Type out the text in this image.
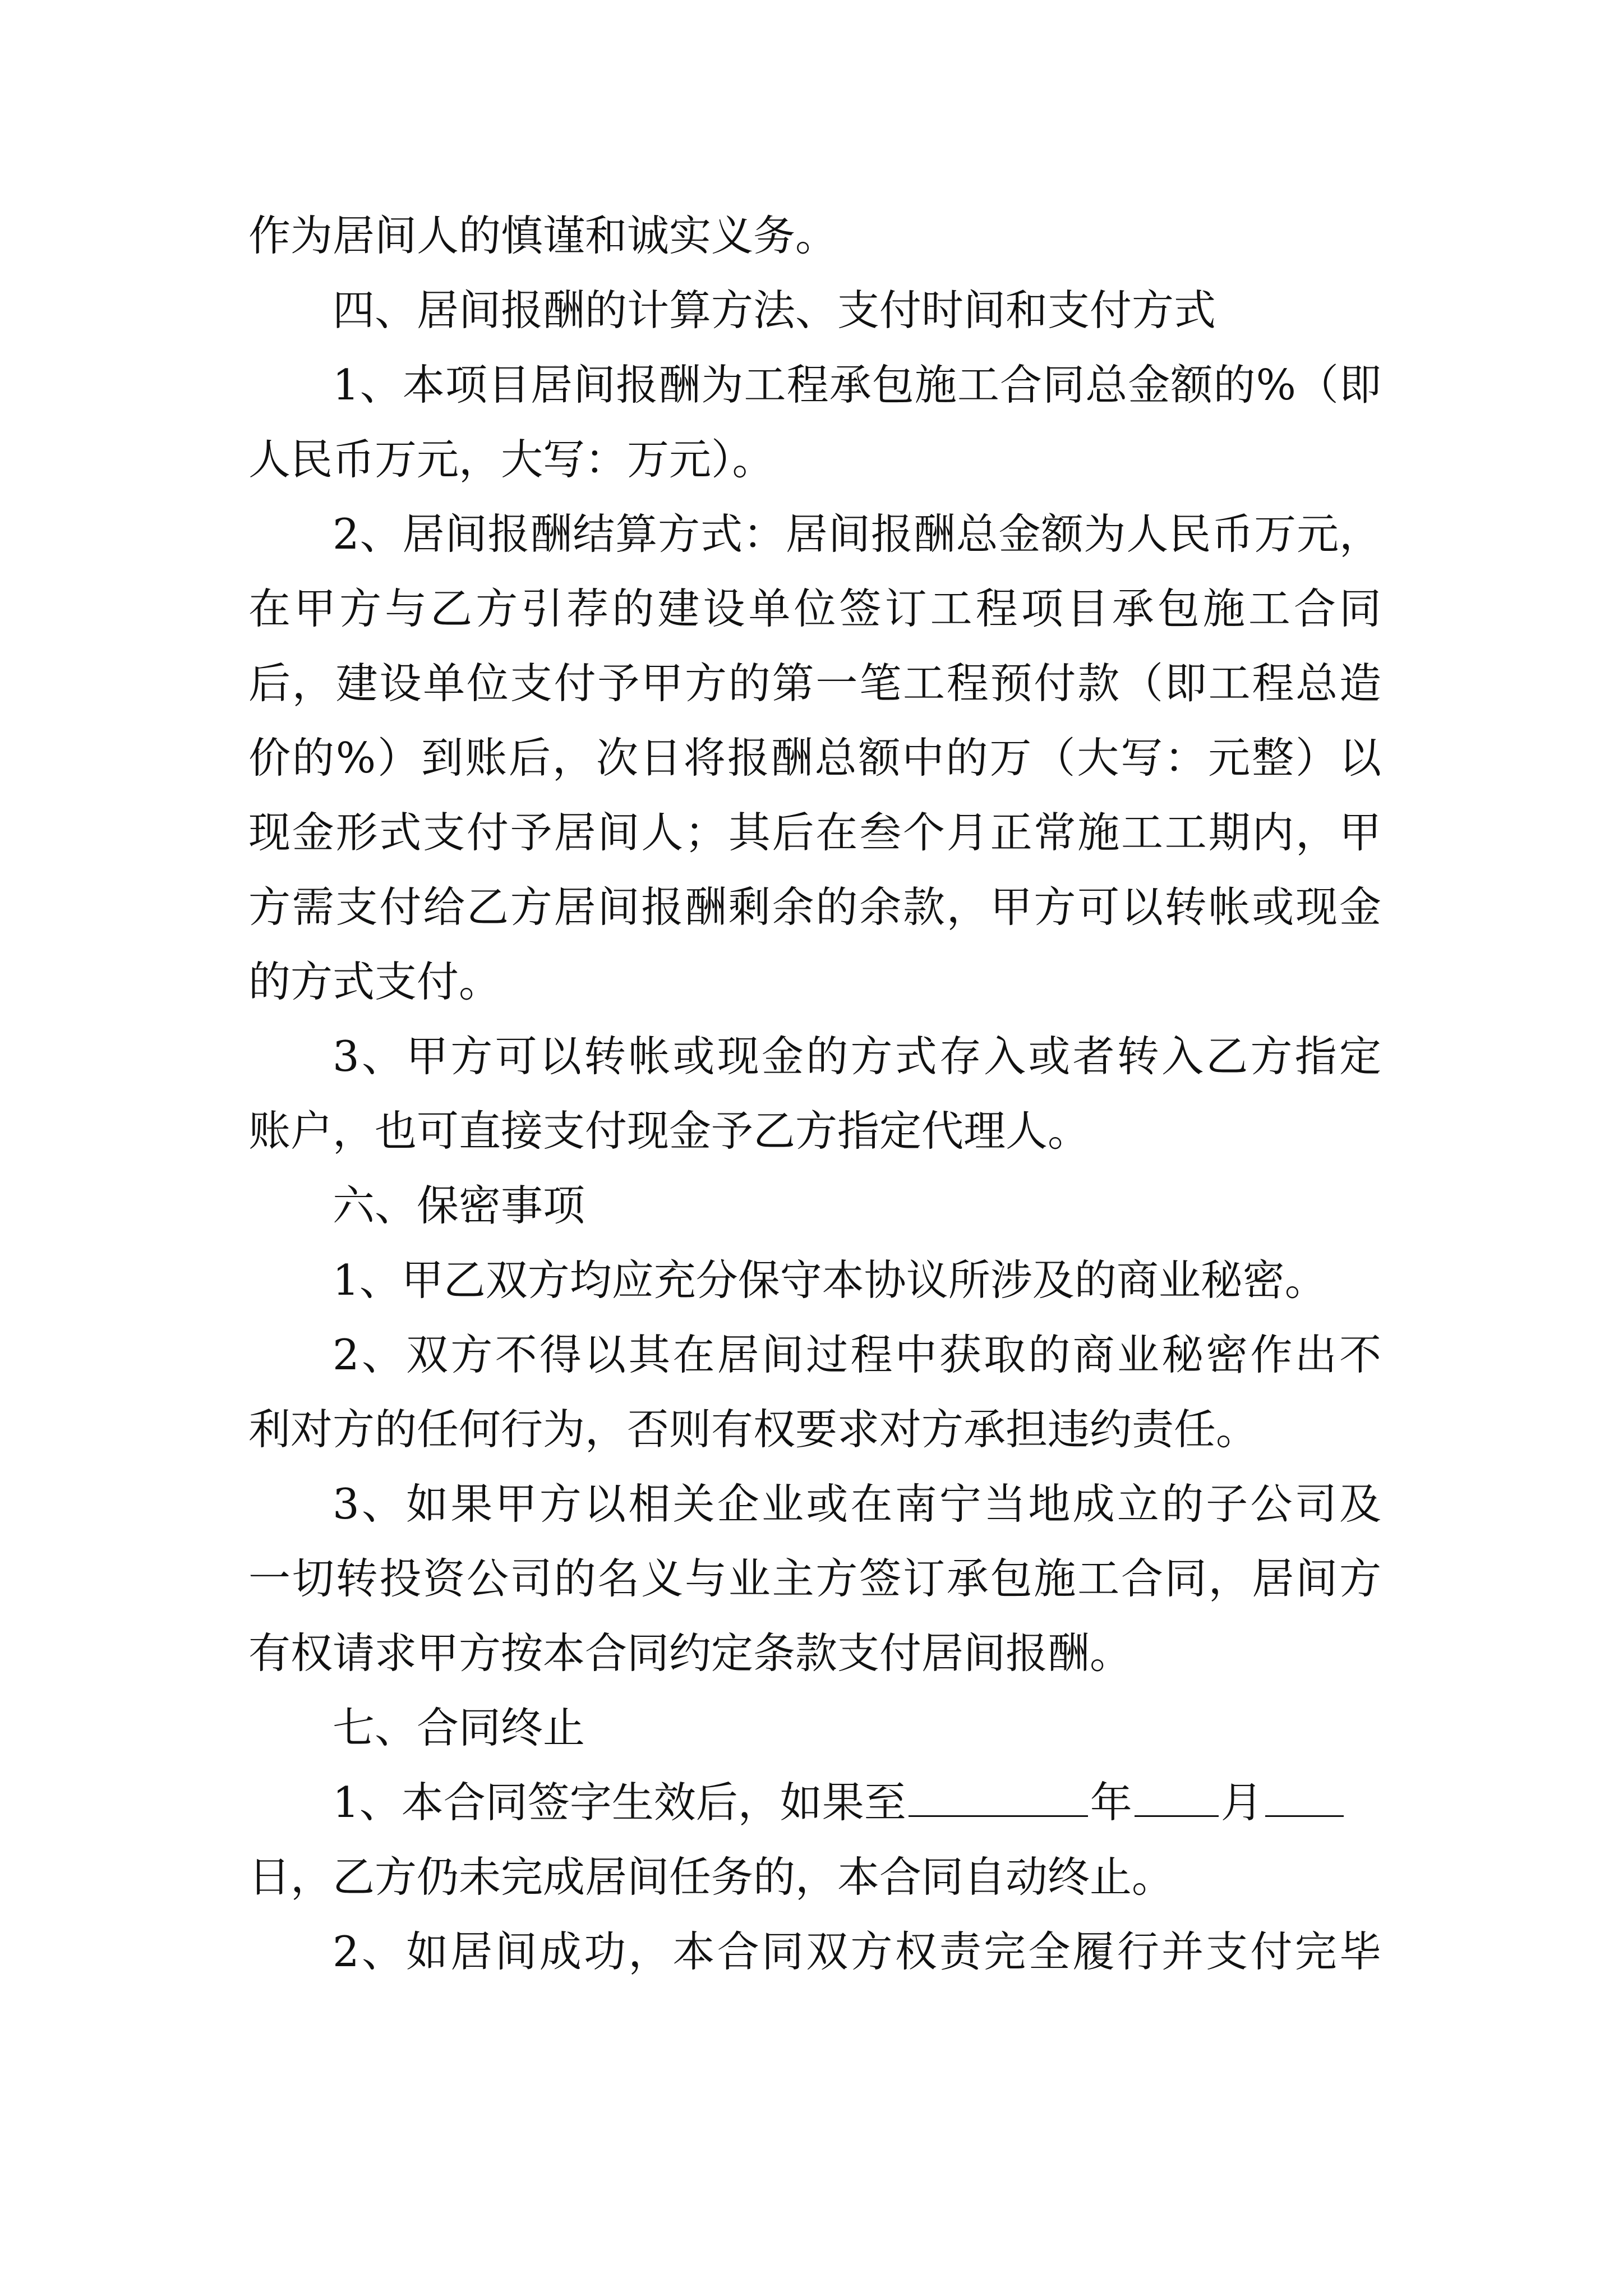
作为居间人的慎谨和诚实义务。
四、居间报酬的计算方法、支付时间和支付方式
1、本项目居间报酬为工程承包施工合同总金额的%（即
人民币万元，大写：万元）。
2、居间报酬结算方式：居间报酬总金额为人民币万元，
在甲方与乙方引荐的建设单位签订工程项目承包施工合同
后，建设单位支付予甲方的第一笔工程预付款（即工程总造
价的%）到账后，次日将报酬总额中的万（大写：元整）以
现金形式支付予居间人；其后在叁个月正常施工工期内，甲
方需支付给乙方居间报酬剩余的余款，甲方可以转帐或现金
的方式支付。
3、甲方可以转帐或现金的方式存入或者转入乙方指定
账户，也可直接支付现金予乙方指定代理人。
六、保密事项
1、甲乙双方均应充分保守本协议所涉及的商业秘密。
2、双方不得以其在居间过程中获取的商业秘密作出不
利对方的任何行为，否则有权要求对方承担违约责任。
3、如果甲方以相关企业或在南宁当地成立的子公司及
一切转投资公司的名义与业主方签订承包施工合同，居间方
有权请求甲方按本合同约定条款支付居间报酬。
七、合同终止
1、本合同签字生效后，如果至	年 月
日，乙方仍未完成居间任务的，本合同自动终止。
2、如居间成功，本合同双方权责完全履行并支付完毕
